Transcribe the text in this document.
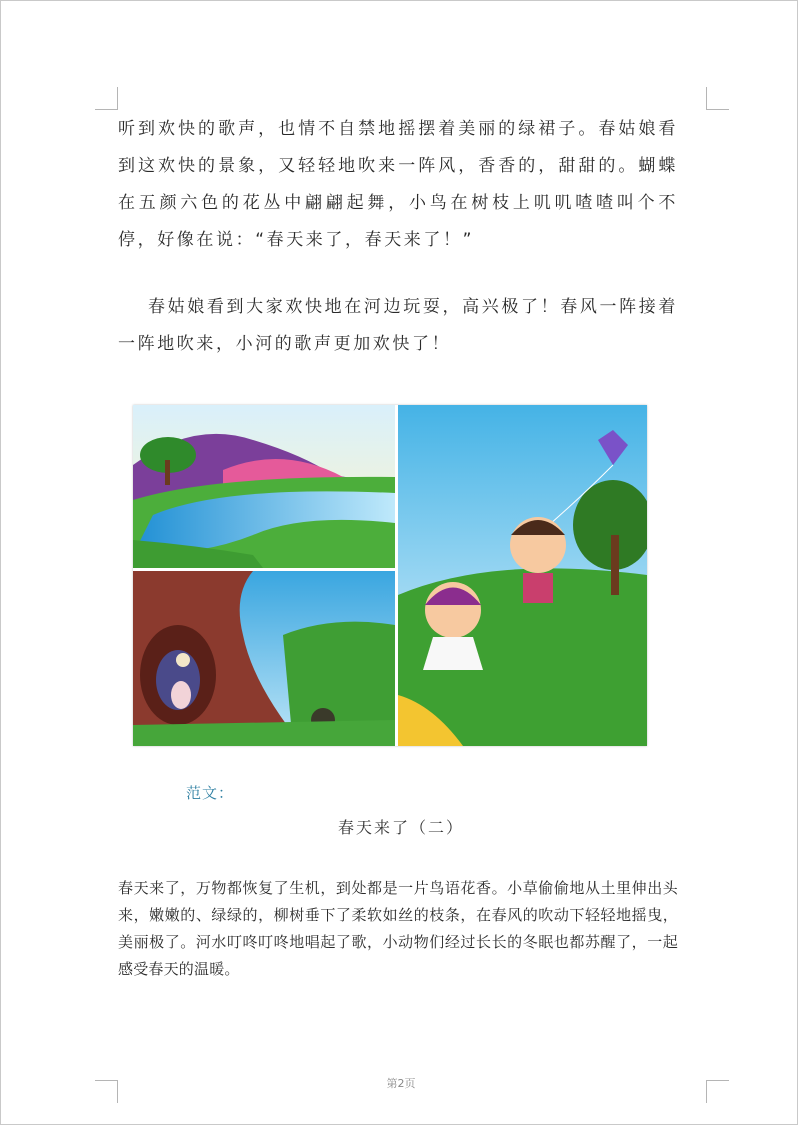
听到欢快的歌声，也情不自禁地摇摆着美丽的绿裙子。春姑娘看到这欢快的景象，又轻轻地吹来一阵风，香香的，甜甜的。蝴蝶在五颜六色的花丛中翩翩起舞，小鸟在树枝上叽叽喳喳叫个不停，好像在说：“春天来了，春天来了！”

春姑娘看到大家欢快地在河边玩耍，高兴极了！春风一阵接着一阵地吹来，小河的歌声更加欢快了！

范文：

春天来了（二）

春天来了，万物都恢复了生机，到处都是一片鸟语花香。小草偷偷地从土里伸出头来，嫩嫩的、绿绿的，柳树垂下了柔软如丝的枝条，在春风的吹动下轻轻地摇曳，美丽极了。河水叮咚叮咚地唱起了歌，小动物们经过长长的冬眠也都苏醒了，一起感受春天的温暖。

第2页
